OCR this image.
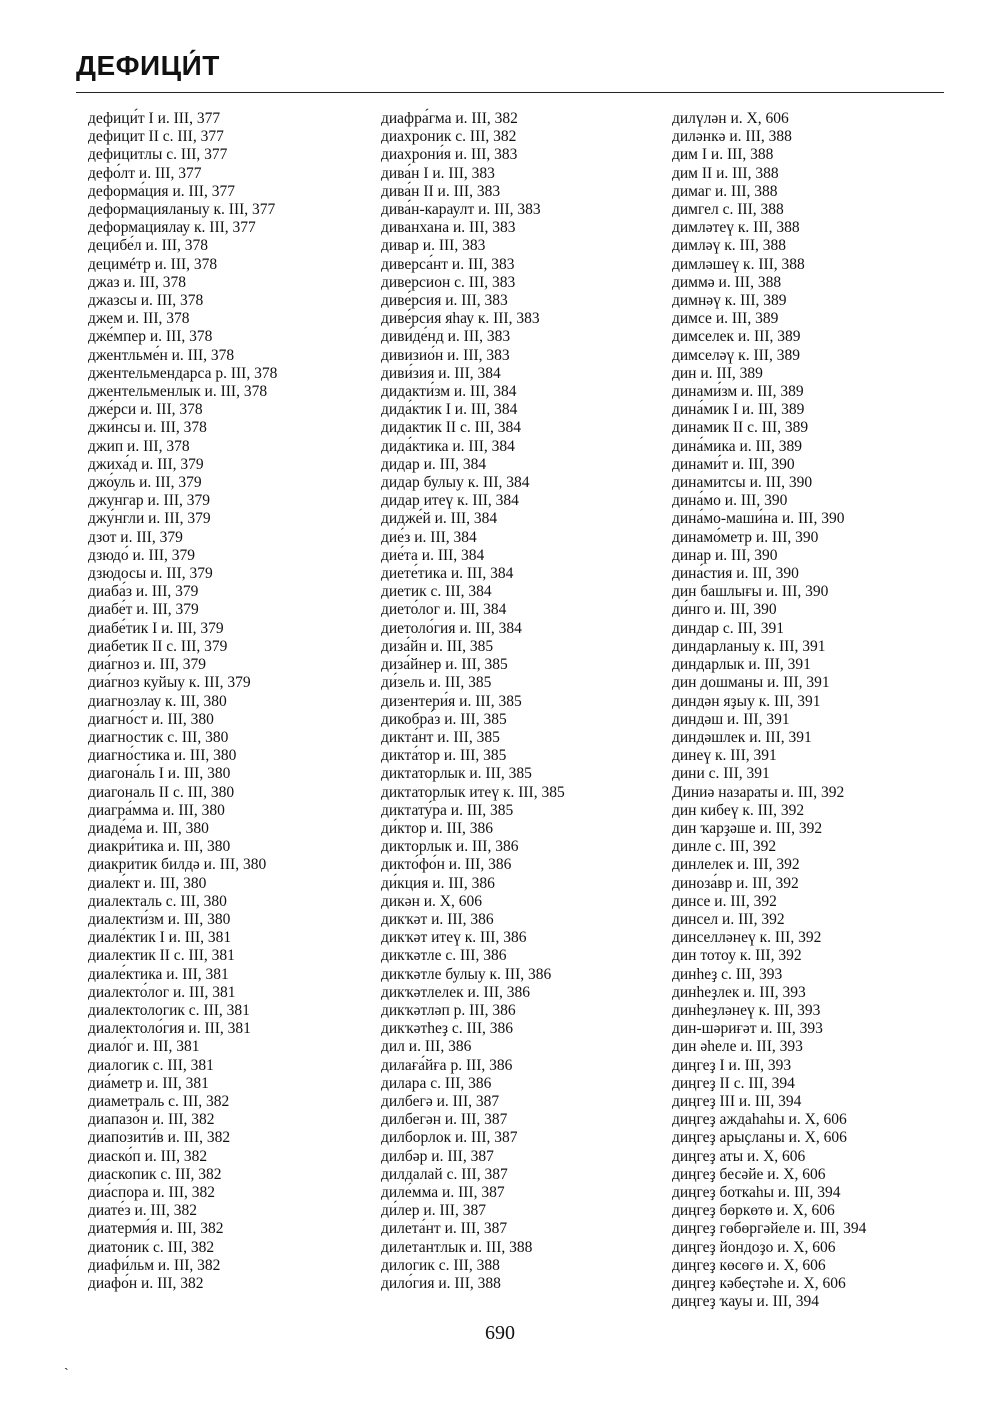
ДЕФИЦИ́Т
дефици́т I и. III, 377
дефицит II с. III, 377
дефицитлы с. III, 377
дефо́лт и. III, 377
деформа́ция и. III, 377
деформацияланыу к. III, 377
деформациялау к. III, 377
децибе́л и. III, 378
децимéтр и. III, 378
джаз и. III, 378
джазсы и. III, 378
джем и. III, 378
дже́мпер и. III, 378
джентльме́н и. III, 378
джентельмендарса р. III, 378
джентельменлык и. III, 378
дже́рси и. III, 378
джи́нсы и. III, 378
джип и. III, 378
джиха́д и. III, 379
джо́уль и. III, 379
джунгар и. III, 379
джу́нгли и. III, 379
дзот и. III, 379
дзюдо́ и. III, 379
дзюдосы и. III, 379
диаба́з и. III, 379
диабе́т и. III, 379
диабе́тик I и. III, 379
диабетик II с. III, 379
диа́гноз и. III, 379
диа́гноз куйыу к. III, 379
диагнозлау к. III, 380
диагно́ст и. III, 380
диагностик с. III, 380
диагно́стика и. III, 380
диагона́ль I и. III, 380
диагональ II с. III, 380
диагра́мма и. III, 380
диаде́ма и. III, 380
диакри́тика и. III, 380
диакритик билдә и. III, 380
диале́кт и. III, 380
диалекталь с. III, 380
диалекти́зм и. III, 380
диале́ктик I и. III, 381
диалектик II с. III, 381
диале́ктика и. III, 381
диалекто́лог и. III, 381
диалектологик с. III, 381
диалектоло́гия и. III, 381
диало́г и. III, 381
диалогик с. III, 381
диа́метр и. III, 381
диаметраль с. III, 382
диапазо́н и. III, 382
диапозити́в и. III, 382
диаско́п и. III, 382
диаскопик с. III, 382
диа́спора и. III, 382
диате́з и. III, 382
диатерми́я и. III, 382
диатоник с. III, 382
диафи́льм и. III, 382
диафо́н и. III, 382
диафра́гма и. III, 382
диахроник с. III, 382
диахрони́я и. III, 383
дива́н I и. III, 383
дива́н II и. III, 383
дива́н-караулт и. III, 383
диванхана и. III, 383
дивар и. III, 383
диверса́нт и. III, 383
диверсион с. III, 383
диве́рсия и. III, 383
диве́рсия яһау к. III, 383
диви́де́нд и. III, 383
дивизио́н и. III, 383
диви́зия и. III, 384
дидакти́зм и. III, 384
дида́ктик I и. III, 384
дидактик II с. III, 384
дида́ктика и. III, 384
дидар и. III, 384
дидар булыу к. III, 384
дидар итеү к. III, 384
дидже́й и. III, 384
дие́з и. III, 384
дие́та и. III, 384
диете́тика и. III, 384
диетик с. III, 384
дието́лог и. III, 384
диетоло́гия и. III, 384
диза́йн и. III, 385
диза́йнер и. III, 385
ди́зель и. III, 385
дизентери́я и. III, 385
дикобра́з и. III, 385
дикта́нт и. III, 385
дикта́тор и. III, 385
диктаторлык и. III, 385
диктаторлык итеү к. III, 385
диктату́ра и. III, 385
ди́ктор и. III, 386
дикторлык и. III, 386
дикто́фо́н и. III, 386
ди́кция и. III, 386
дикән и. X, 606
дикҡәт и. III, 386
дикҡәт итеү к. III, 386
дикҡәтле с. III, 386
дикҡәтле булыу к. III, 386
дикҡәтлелек и. III, 386
дикҡәтләп р. III, 386
дикҡәтһеҙ с. III, 386
дил и. III, 386
дилаға́йға р. III, 386
дилара с. III, 386
дилбегә и. III, 387
дилбегән и. III, 387
дилборлок и. III, 387
дилбәр и. III, 387
дилдалай с. III, 387
диле́мма и. III, 387
ди́лер и. III, 387
дилета́нт и. III, 387
дилетантлык и. III, 388
дилогик с. III, 388
дило́гия и. III, 388
дилүлән и. X, 606
диләнкә и. III, 388
дим I и. III, 388
дим II и. III, 388
димаг и. III, 388
димгел с. III, 388
димләтеү к. III, 388
димләү к. III, 388
димләшеү к. III, 388
диммә и. III, 388
димнәү к. III, 389
димсе и. III, 389
димселек и. III, 389
димселәү к. III, 389
дин и. III, 389
динами́зм и. III, 389
дина́мик I и. III, 389
динамик II с. III, 389
дина́мика и. III, 389
динами́т и. III, 390
динамитсы и. III, 390
дина́мо и. III, 390
дина́мо-маши́на и. III, 390
динамо́метр и. III, 390
динар и. III, 390
дина́стия и. III, 390
дин башлығы и. III, 390
ди́нго и. III, 390
диндар с. III, 391
диндарланыу к. III, 391
диндарлык и. III, 391
дин дошманы и. III, 391
диндән яҙыу к. III, 391
диндәш и. III, 391
диндәшлек и. III, 391
динеү к. III, 391
дини с. III, 391
Диниә назараты и. III, 392
дин кибеү к. III, 392
дин ҡарҙәше и. III, 392
динле с. III, 392
динлелек и. III, 392
диноза́вр и. III, 392
динсе и. III, 392
динсел и. III, 392
динселләнеү к. III, 392
дин тотоу к. III, 392
динһеҙ с. III, 393
динһеҙлек и. III, 393
динһеҙләнеү к. III, 393
дин-шәриғәт и. III, 393
дин әһеле и. III, 393
диңгеҙ I и. III, 393
диңгеҙ II с. III, 394
диңгеҙ III и. III, 394
диңгеҙ аждаһаһы и. X, 606
диңгеҙ арыҫланы и. X, 606
диңгеҙ аты и. X, 606
диңгеҙ бесәйе и. X, 606
диңгеҙ боткаһы и. III, 394
диңгеҙ бөркөтө и. X, 606
диңгеҙ гөбөргәйеле и. III, 394
диңгеҙ йондоҙо и. X, 606
диңгеҙ көсөгө и. X, 606
диңгеҙ кәбеҫтәһе и. X, 606
диңгеҙ ҡауы и. III, 394
690
ˎ
